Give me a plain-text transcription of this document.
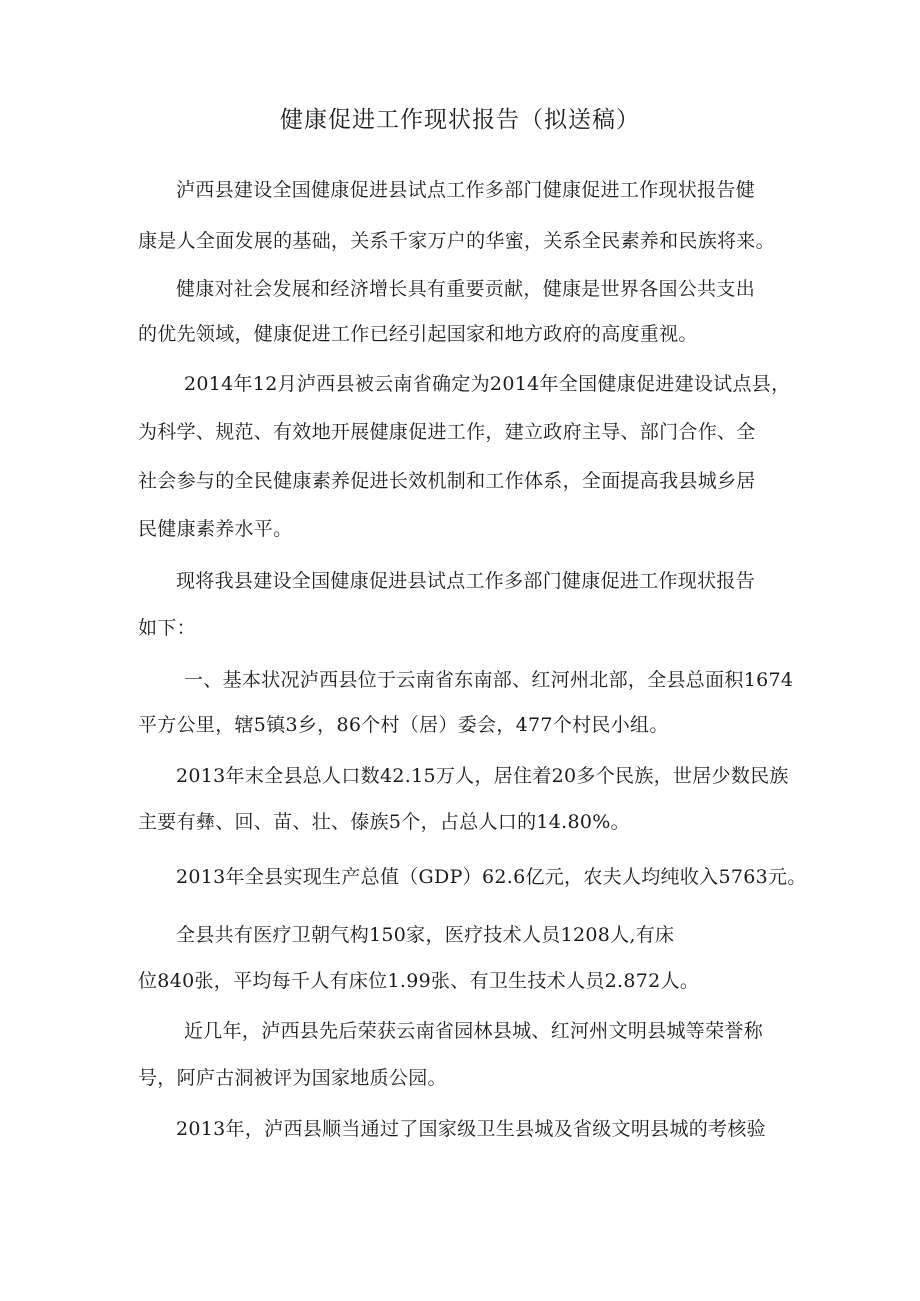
健康促进工作现状报告（拟送稿）
泸西县建设全国健康促进县试点工作多部门健康促进工作现状报告健
康是人全面发展的基础，关系千家万户的华蜜，关系全民素养和民族将来。
健康对社会发展和经济增长具有重要贡献，健康是世界各国公共支出
的优先领域，健康促进工作已经引起国家和地方政府的高度重视。
2014年12月泸西县被云南省确定为2014年全国健康促进建设试点县，
为科学、规范、有效地开展健康促进工作，建立政府主导、部门合作、全
社会参与的全民健康素养促进长效机制和工作体系，全面提高我县城乡居
民健康素养水平。
现将我县建设全国健康促进县试点工作多部门健康促进工作现状报告
如下：
一、基本状况泸西县位于云南省东南部、红河州北部，全县总面积1674
平方公里，辖5镇3乡，86个村（居）委会，477个村民小组。
2013年末全县总人口数42.15万人，居住着20多个民族，世居少数民族
主要有彝、回、苗、壮、傣族5个，占总人口的14.80%。
2013年全县实现生产总值（GDP）62.6亿元，农夫人均纯收入5763元。
全县共有医疗卫朝气构150家，医疗技术人员1208人,有床
位840张，平均每千人有床位1.99张、有卫生技术人员2.872人。
近几年，泸西县先后荣获云南省园林县城、红河州文明县城等荣誉称
号，阿庐古洞被评为国家地质公园。
2013年，泸西县顺当通过了国家级卫生县城及省级文明县城的考核验
